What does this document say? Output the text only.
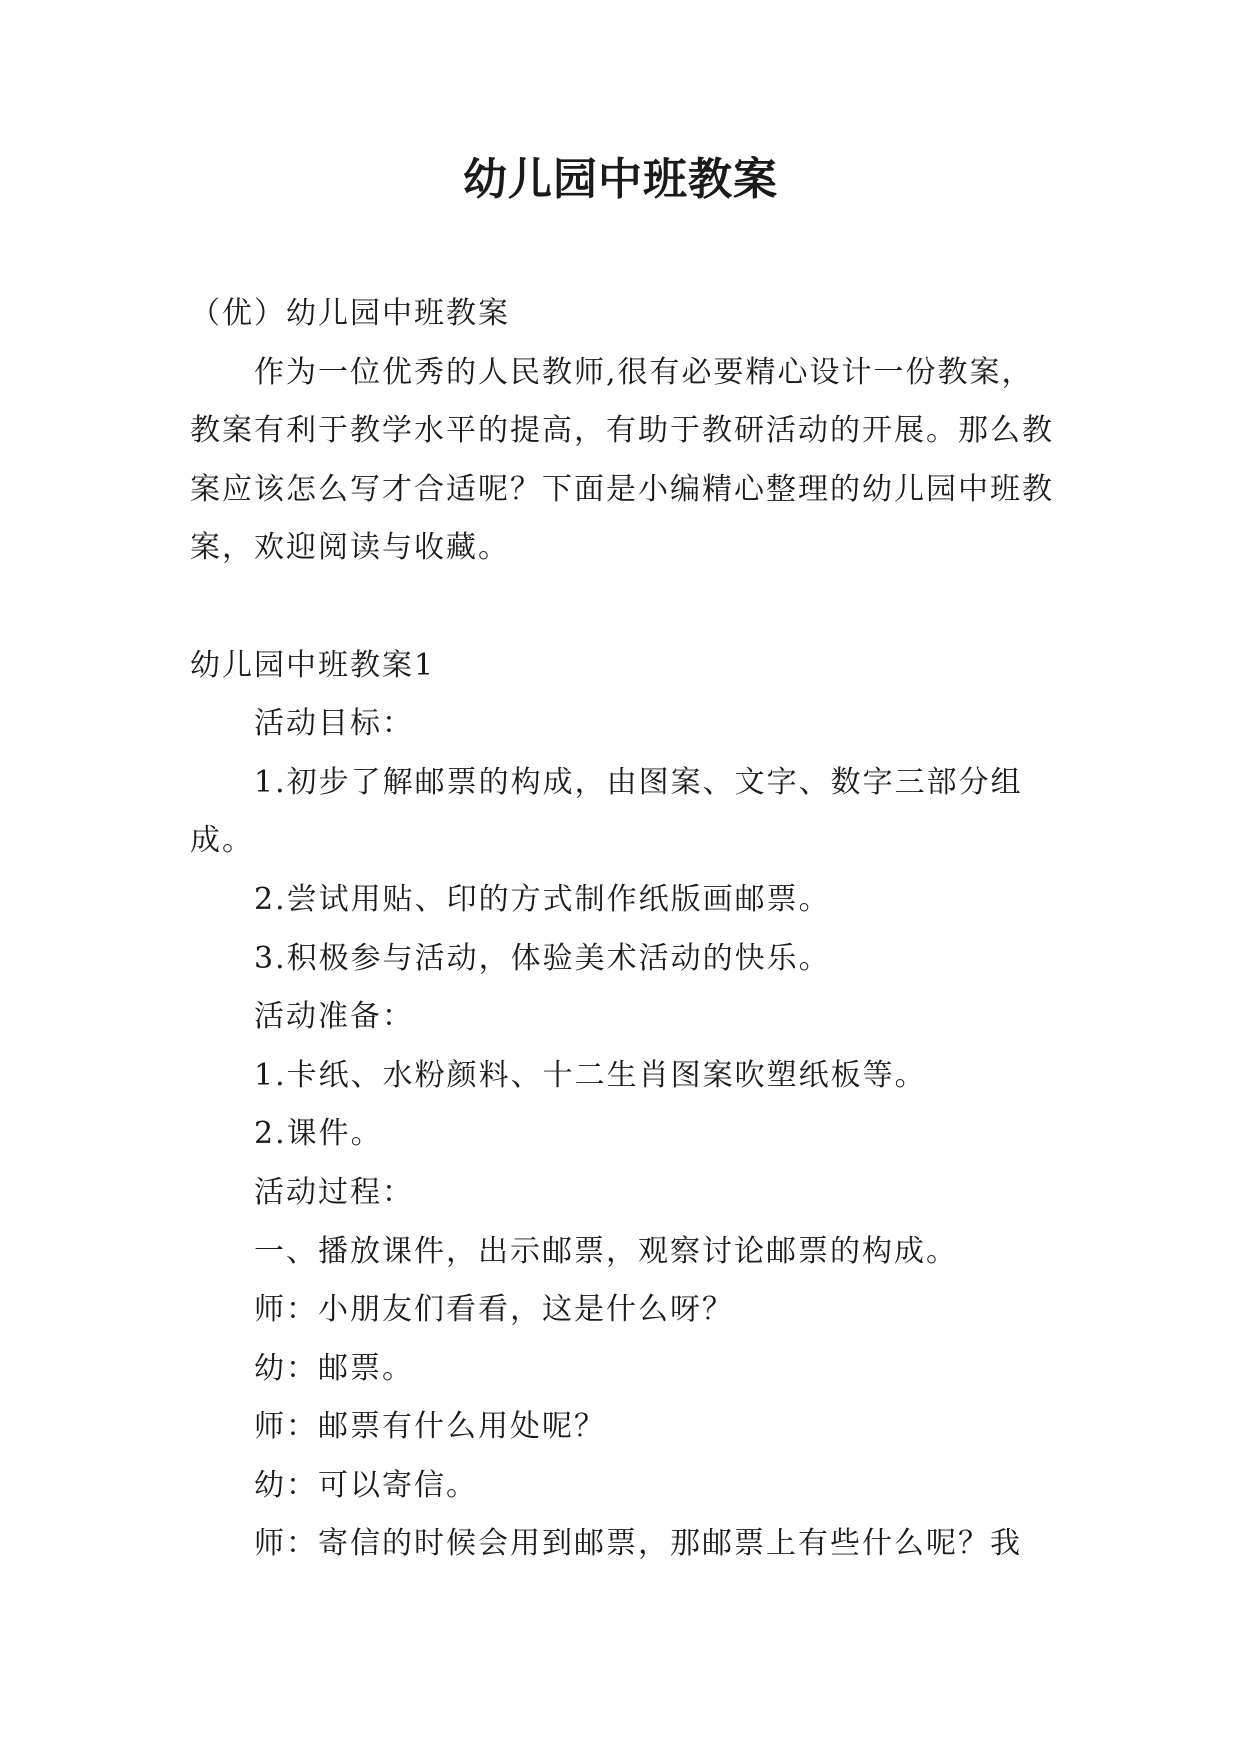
幼儿园中班教案

（优）幼儿园中班教案

作为一位优秀的人民教师,很有必要精心设计一份教案，教案有利于教学水平的提高，有助于教研活动的开展。那么教案应该怎么写才合适呢？下面是小编精心整理的幼儿园中班教案，欢迎阅读与收藏。

幼儿园中班教案1

活动目标：

1.初步了解邮票的构成，由图案、文字、数字三部分组成。

2.尝试用贴、印的方式制作纸版画邮票。

3.积极参与活动，体验美术活动的快乐。

活动准备：

1.卡纸、水粉颜料、十二生肖图案吹塑纸板等。

2.课件。

活动过程：

一、播放课件，出示邮票，观察讨论邮票的构成。

师：小朋友们看看，这是什么呀？

幼：邮票。

师：邮票有什么用处呢？

幼：可以寄信。

师：寄信的时候会用到邮票，那邮票上有些什么呢？我
